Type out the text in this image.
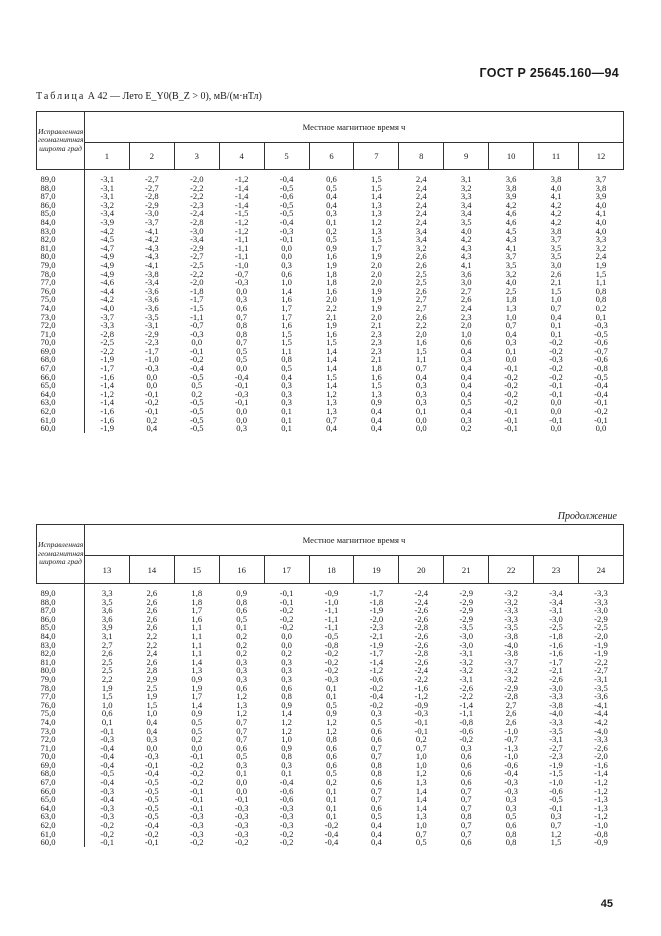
ГОСТ Р 25645.160—94
Таблица А 42 — Лето E_Y0(B_Z > 0), мВ/(м·нТл)
Исправленная геомагнитная широта град	Местное магнитное время ч											
	1	2	3	4	5	6	7	8	9	10	11	12
89,0	-3,1	-2,7	-2,0	-1,2	-0,4	0,6	1,5	2,4	3,1	3,6	3,8	3,7
88,0	-3,1	-2,7	-2,2	-1,4	-0,5	0,5	1,5	2,4	3,2	3,8	4,0	3,8
87,0	-3,1	-2,8	-2,2	-1,4	-0,6	0,4	1,4	2,4	3,3	3,9	4,1	3,9
86,0	-3,2	-2,9	-2,3	-1,4	-0,5	0,4	1,3	2,4	3,4	4,2	4,2	4,0
85,0	-3,4	-3,0	-2,4	-1,5	-0,5	0,3	1,3	2,4	3,4	4,6	4,2	4,1
84,0	-3,9	-3,7	-2,8	-1,2	-0,4	0,1	1,2	2,4	3,5	4,6	4,2	4,0
83,0	-4,2	-4,1	-3,0	-1,2	-0,3	0,2	1,3	3,4	4,0	4,5	3,8	4,0
82,0	-4,5	-4,2	-3,4	-1,1	-0,1	0,5	1,5	3,4	4,2	4,3	3,7	3,3
81,0	-4,7	-4,3	-2,9	-1,1	0,0	0,9	1,7	3,2	4,3	4,1	3,5	3,2
80,0	-4,9	-4,3	-2,7	-1,1	0,0	1,6	1,9	2,6	4,3	3,7	3,5	2,4
79,0	-4,9	-4,1	-2,5	-1,0	0,3	1,9	2,0	2,6	4,1	3,5	3,0	1,9
78,0	-4,9	-3,8	-2,2	-0,7	0,6	1,8	2,0	2,5	3,6	3,2	2,6	1,5
77,0	-4,6	-3,4	-2,0	-0,3	1,0	1,8	2,0	2,5	3,0	4,0	2,1	1,1
76,0	-4,4	-3,6	-1,8	0,0	1,4	1,6	1,9	2,6	2,7	2,5	1,5	0,8
75,0	-4,2	-3,6	-1,7	0,3	1,6	2,0	1,9	2,7	2,6	1,8	1,0	0,8
74,0	-4,0	-3,6	-1,5	0,6	1,7	2,2	1,9	2,7	2,4	1,3	0,7	0,2
73,0	-3,7	-3,5	-1,1	0,7	1,7	2,1	2,0	2,6	2,3	1,0	0,4	0,1
72,0	-3,3	-3,1	-0,7	0,8	1,6	1,9	2,1	2,2	2,0	0,7	0,1	-0,3
71,0	-2,8	-2,9	-0,3	0,8	1,5	1,6	2,3	2,0	1,0	0,4	0,1	-0,5
70,0	-2,5	-2,3	0,0	0,7	1,5	1,5	2,3	1,6	0,6	0,3	-0,2	-0,6
69,0	-2,2	-1,7	-0,1	0,5	1,1	1,4	2,3	1,5	0,4	0,1	-0,2	-0,7
68,0	-1,9	-1,0	-0,2	0,5	0,8	1,4	2,1	1,1	0,3	0,0	-0,3	-0,6
67,0	-1,7	-0,3	-0,4	0,0	0,5	1,4	1,8	0,7	0,4	-0,1	-0,2	-0,8
66,0	-1,6	0,0	-0,5	-0,4	0,4	1,5	1,6	0,4	0,4	-0,2	-0,2	-0,5
65,0	-1,4	0,0	0,5	-0,1	0,3	1,4	1,5	0,3	0,4	-0,2	-0,1	-0,4
64,0	-1,2	-0,1	0,2	-0,3	0,3	1,2	1,3	0,3	0,4	-0,2	-0,1	-0,4
63,0	-1,4	-0,2	-0,5	-0,1	0,3	1,3	0,9	0,3	0,5	-0,2	0,0	-0,1
62,0	-1,6	-0,1	-0,5	0,0	0,1	1,3	0,4	0,1	0,4	-0,1	0,0	-0,2
61,0	-1,6	0,2	-0,5	0,0	0,1	0,7	0,4	0,0	0,3	-0,1	-0,1	-0,1
60,0	-1,9	0,4	-0,5	0,3	0,1	0,4	0,4	0,0	0,2	-0,1	0,0	0,0
Продолжение
Исправленная геомагнитная широта град	Местное магнитное время ч											
	13	14	15	16	17	18	19	20	21	22	23	24
89,0	3,3	2,6	1,8	0,9	-0,1	-0,9	-1,7	-2,4	-2,9	-3,2	-3,4	-3,3
88,0	3,5	2,6	1,8	0,8	-0,1	-1,0	-1,8	-2,4	-2,9	-3,2	-3,4	-3,3
87,0	3,6	2,6	1,7	0,6	-0,2	-1,1	-1,9	-2,6	-2,9	-3,3	-3,1	-3,0
86,0	3,6	2,6	1,6	0,5	-0,2	-1,1	-2,0	-2,6	-2,9	-3,3	-3,0	-2,9
85,0	3,9	2,6	1,1	0,1	-0,2	-1,1	-2,3	-2,8	-3,5	-3,5	-2,5	-2,5
84,0	3,1	2,2	1,1	0,2	0,0	-0,5	-2,1	-2,6	-3,0	-3,8	-1,8	-2,0
83,0	2,7	2,2	1,1	0,2	0,0	-0,8	-1,9	-2,6	-3,0	-4,0	-1,6	-1,9
82,0	2,6	2,4	1,1	0,2	0,2	-0,2	-1,7	-2,8	-3,1	-3,8	-1,6	-1,9
81,0	2,5	2,6	1,4	0,3	0,3	-0,2	-1,4	-2,6	-3,2	-3,7	-1,7	-2,2
80,0	2,5	2,8	1,3	0,3	0,3	-0,2	-1,2	-2,4	-3,2	-3,2	-2,1	-2,7
79,0	2,2	2,9	0,9	0,3	0,3	-0,3	-0,6	-2,2	-3,1	-3,2	-2,6	-3,1
78,0	1,9	2,5	1,9	0,6	0,6	0,1	-0,2	-1,6	-2,6	-2,9	-3,0	-3,5
77,0	1,5	1,9	1,7	1,2	0,8	0,1	-0,4	-1,2	-2,2	-2,8	-3,3	-3,6
76,0	1,0	1,5	1,4	1,3	0,9	0,5	-0,2	-0,9	-1,4	2,7	-3,8	-4,1
75,0	0,6	1,0	0,9	1,2	1,4	0,9	0,3	-0,3	-1,1	2,6	-4,0	-4,4
74,0	0,1	0,4	0,5	0,7	1,2	1,2	0,5	-0,1	-0,8	2,6	-3,3	-4,2
73,0	-0,1	0,4	0,5	0,7	1,2	1,2	0,6	-0,1	-0,6	-1,0	-3,5	-4,0
72,0	-0,3	0,3	0,2	0,7	1,0	0,8	0,6	0,2	-0,2	-0,7	-3,1	-3,3
71,0	-0,4	0,0	0,0	0,6	0,9	0,6	0,7	0,7	0,3	-1,3	-2,7	-2,6
70,0	-0,4	-0,3	-0,1	0,5	0,8	0,6	0,7	1,0	0,6	-1,0	-2,3	-2,0
69,0	-0,4	-0,1	-0,2	0,3	0,3	0,6	0,8	1,0	0,6	-0,6	-1,9	-1,6
68,0	-0,5	-0,4	-0,2	0,1	0,1	0,5	0,8	1,2	0,6	-0,4	-1,5	-1,4
67,0	-0,4	-0,5	-0,2	0,0	-0,4	0,2	0,6	1,3	0,6	-0,3	-1,0	-1,2
66,0	-0,3	-0,5	-0,1	0,0	-0,6	0,1	0,7	1,4	0,7	-0,3	-0,6	-1,2
65,0	-0,4	-0,5	-0,1	-0,1	-0,6	0,1	0,7	1,4	0,7	0,3	-0,5	-1,3
64,0	-0,3	-0,5	-0,1	-0,3	-0,3	0,1	0,6	1,4	0,7	0,3	-0,1	-1,3
63,0	-0,3	-0,5	-0,3	-0,3	-0,3	0,1	0,5	1,3	0,8	0,5	0,3	-1,2
62,0	-0,2	-0,4	-0,3	-0,3	-0,3	-0,2	0,4	1,0	0,7	0,6	0,7	-1,0
61,0	-0,2	-0,2	-0,3	-0,3	-0,2	-0,4	0,4	0,7	0,7	0,8	1,2	-0,8
60,0	-0,1	-0,1	-0,2	-0,2	-0,2	-0,4	0,4	0,5	0,6	0,8	1,5	-0,9
45
